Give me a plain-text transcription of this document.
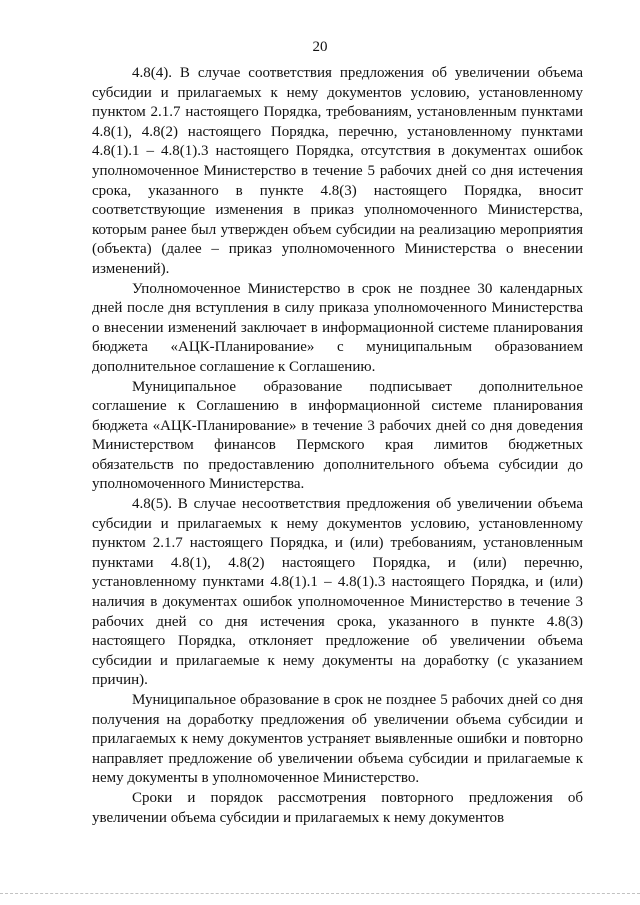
20

4.8(4). В случае соответствия предложения об увеличении объема субсидии и прилагаемых к нему документов условию, установленному пунктом 2.1.7 настоящего Порядка, требованиям, установленным пунктами 4.8(1), 4.8(2) настоящего Порядка, перечню, установленному пунктами 4.8(1).1 – 4.8(1).3 настоящего Порядка, отсутствия в документах ошибок уполномоченное Министерство в течение 5 рабочих дней со дня истечения срока, указанного в пункте 4.8(3) настоящего Порядка, вносит соответствующие изменения в приказ уполномоченного Министерства, которым ранее был утвержден объем субсидии на реализацию мероприятия (объекта) (далее – приказ уполномоченного Министерства о внесении изменений).

Уполномоченное Министерство в срок не позднее 30 календарных дней после дня вступления в силу приказа уполномоченного Министерства о внесении изменений заключает в информационной системе планирования бюджета «АЦК-Планирование» с муниципальным образованием дополнительное соглашение к Соглашению.

Муниципальное образование подписывает дополнительное соглашение к Соглашению в информационной системе планирования бюджета «АЦК-Планирование» в течение 3 рабочих дней со дня доведения Министерством финансов Пермского края лимитов бюджетных обязательств по предоставлению дополнительного объема субсидии до уполномоченного Министерства.

4.8(5). В случае несоответствия предложения об увеличении объема субсидии и прилагаемых к нему документов условию, установленному пунктом 2.1.7 настоящего Порядка, и (или) требованиям, установленным пунктами 4.8(1), 4.8(2) настоящего Порядка, и (или) перечню, установленному пунктами 4.8(1).1 – 4.8(1).3 настоящего Порядка, и (или) наличия в документах ошибок уполномоченное Министерство в течение 3 рабочих дней со дня истечения срока, указанного в пункте 4.8(3) настоящего Порядка, отклоняет предложение об увеличении объема субсидии и прилагаемые к нему документы на доработку (с указанием причин).

Муниципальное образование в срок не позднее 5 рабочих дней со дня получения на доработку предложения об увеличении объема субсидии и прилагаемых к нему документов устраняет выявленные ошибки и повторно направляет предложение об увеличении объема субсидии и прилагаемые к нему документы в уполномоченное Министерство.

Сроки и порядок рассмотрения повторного предложения об увеличении объема субсидии и прилагаемых к нему документов
